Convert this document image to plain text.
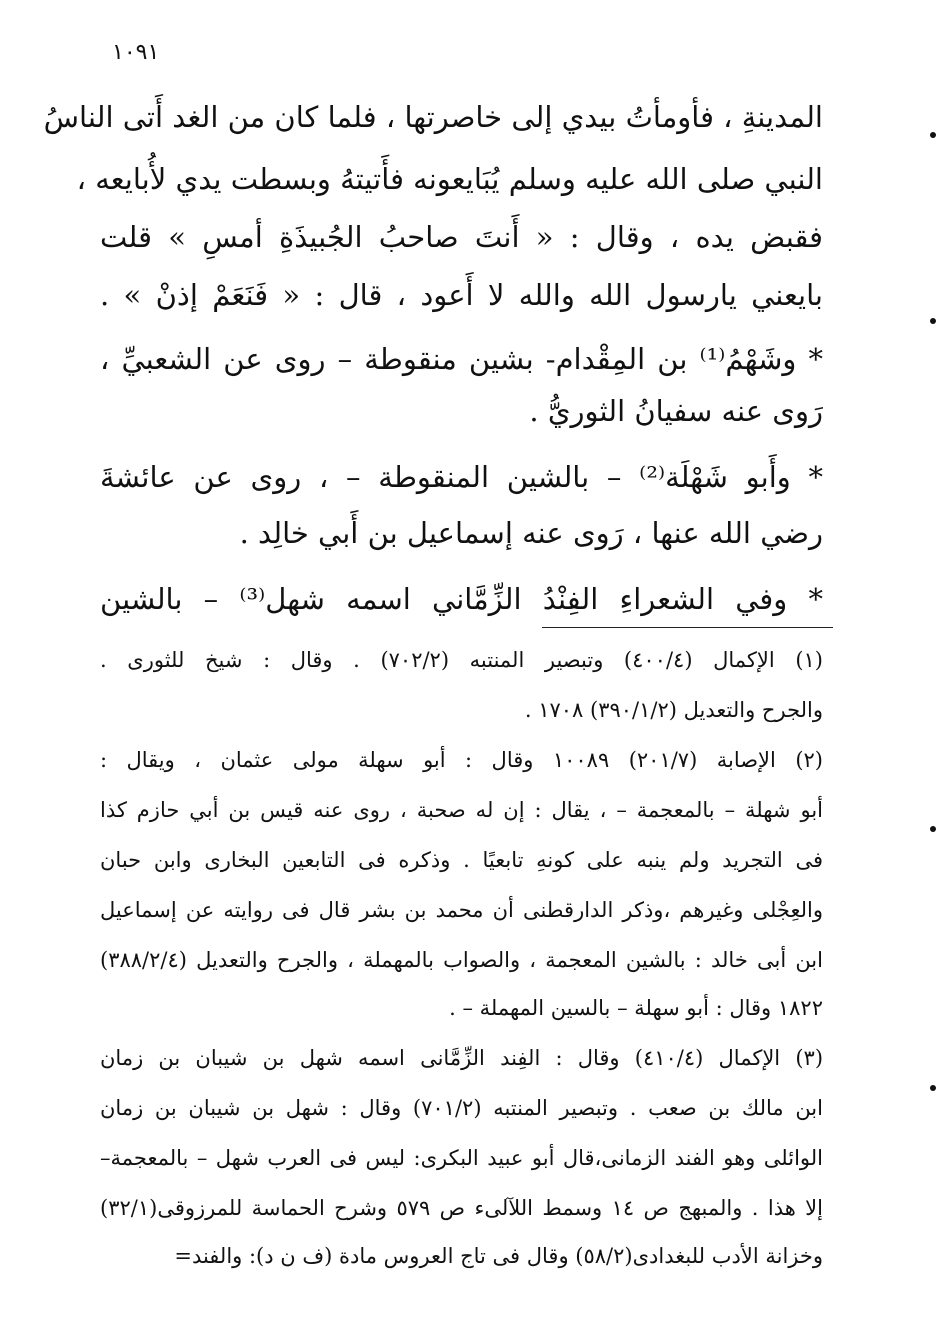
١٠٩١
المدينةِ ، فأومأتُ بيدي إلى خاصرتها ، فلما كان من الغد أَتى الناسُ
النبي صلى الله عليه وسلم يُبَايعونه فأَتيتهُ وبسطت يدي لأُبايعه ،
فقبض يده ، وقال : « أَنتَ صاحبُ الجُبيذَةِ أمسِ » قلت
بايعني يارسول الله والله لا أَعود ، قال : « فَنَعَمْ إذنْ » .
* وشَهْمُ⁽¹⁾ بن المِقْدام- بشين منقوطة – روى عن الشعبيِّ ،
رَوى عنه سفيانُ الثوريُّ .
* وأَبو شَهْلَة⁽²⁾ – بالشين المنقوطة – ، روى عن عائشةَ
رضي الله عنها ، رَوى عنه إسماعيل بن أَبي خالِد .
* وفي الشعراءِ الفِنْدُ الزِّمَّاني اسمه شهل⁽³⁾ – بالشين
(١) الإكمال (٤٠٠/٤) وتبصير المنتبه (٧٠٢/٢) . وقال : شيخ للثورى .
والجرح والتعديل (٣٩٠/١/٢) ١٧٠٨ .
(٢) الإصابة (٢٠١/٧) ١٠٠٨٩ وقال : أبو سهلة مولى عثمان ، ويقال :
أبو شهلة – بالمعجمة – ، يقال : إن له صحبة ، روى عنه قيس بن أبي حازم كذا
فى التجريد ولم ينبه على كونهِ تابعيًا . وذكره فى التابعين البخارى وابن حبان
والعِجْلى وغيرهم ،وذكر الدارقطنى أن محمد بن بشر قال فى روايته عن إسماعيل
ابن أبى خالد : بالشين المعجمة ، والصواب بالمهملة ، والجرح والتعديل (٣٨٨/٢/٤)
١٨٢٢ وقال : أبو سهلة – بالسين المهملة – .
(٣) الإكمال (٤١٠/٤) وقال : الفِند الزِّمَّانى اسمه شهل بن شيبان بن زمان
ابن مالك بن صعب . وتبصير المنتبه (٧٠١/٢) وقال : شهل بن شيبان بن زمان
الوائلى وهو الفند الزمانى،قال أبو عبيد البكرى: ليس فى العرب شهل – بالمعجمة–
إلا هذا . والمبهج ص ١٤ وسمط اللآلىء ص ٥٧٩ وشرح الحماسة للمرزوقى(٣٢/١)
وخزانة الأدب للبغدادى(٥٨/٢) وقال فى تاج العروس مادة (ف ن د): والفند=
